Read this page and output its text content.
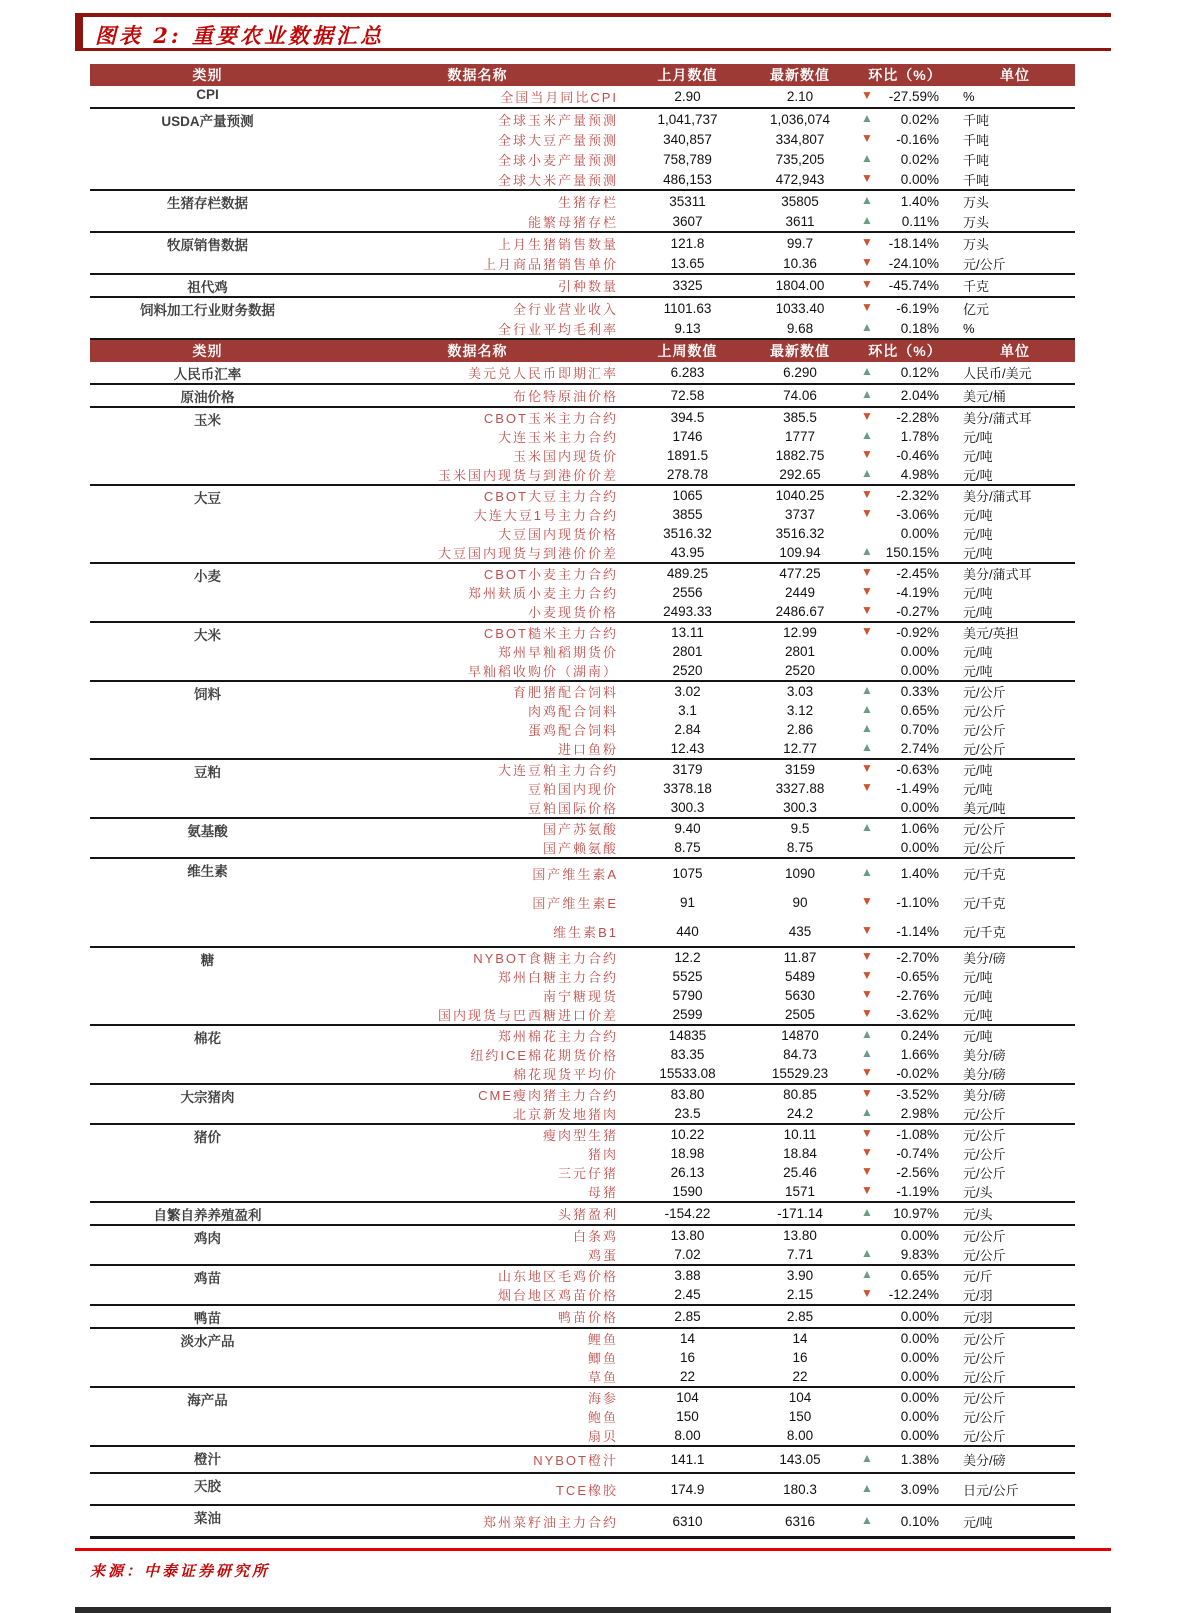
图表 2: 重要农业数据汇总
类别	数据名称	上月数值	最新数值	环比（%）	单位
CPI	全国当月同比CPI	2.90	2.10	▼ -27.59%	%
USDA产量预测	全球玉米产量预测	1,041,737	1,036,074	▲ 0.02%	千吨
	全球大豆产量预测	340,857	334,807	▼ -0.16%	千吨
	全球小麦产量预测	758,789	735,205	▲ 0.02%	千吨
	全球大米产量预测	486,153	472,943	▼ 0.00%	千吨
生猪存栏数据	生猪存栏	35311	35805	▲ 1.40%	万头
	能繁母猪存栏	3607	3611	▲ 0.11%	万头
牧原销售数据	上月生猪销售数量	121.8	99.7	▼ -18.14%	万头
	上月商品猪销售单价	13.65	10.36	▼ -24.10%	元/公斤
祖代鸡	引种数量	3325	1804.00	▼ -45.74%	千克
饲料加工行业财务数据	全行业营业收入	1101.63	1033.40	▼ -6.19%	亿元
	全行业平均毛利率	9.13	9.68	▲ 0.18%	%
类别	数据名称	上周数值	最新数值	环比（%）	单位
人民币汇率	美元兑人民币即期汇率	6.283	6.290	▲ 0.12%	人民币/美元
原油价格	布伦特原油价格	72.58	74.06	▲ 2.04%	美元/桶
玉米	CBOT玉米主力合约	394.5	385.5	▼ -2.28%	美分/蒲式耳
	大连玉米主力合约	1746	1777	▲ 1.78%	元/吨
	玉米国内现货价	1891.5	1882.75	▼ -0.46%	元/吨
	玉米国内现货与到港价价差	278.78	292.65	▲ 4.98%	元/吨
大豆	CBOT大豆主力合约	1065	1040.25	▼ -2.32%	美分/蒲式耳
	大连大豆1号主力合约	3855	3737	▼ -3.06%	元/吨
	大豆国内现货价格	3516.32	3516.32	0.00%	元/吨
	大豆国内现货与到港价价差	43.95	109.94	▲ 150.15%	元/吨
小麦	CBOT小麦主力合约	489.25	477.25	▼ -2.45%	美分/蒲式耳
	郑州麸质小麦主力合约	2556	2449	▼ -4.19%	元/吨
	小麦现货价格	2493.33	2486.67	▼ -0.27%	元/吨
大米	CBOT糙米主力合约	13.11	12.99	▼ -0.92%	美元/英担
	郑州早籼稻期货价	2801	2801	0.00%	元/吨
	早籼稻收购价（湖南）	2520	2520	0.00%	元/吨
饲料	育肥猪配合饲料	3.02	3.03	▲ 0.33%	元/公斤
	肉鸡配合饲料	3.1	3.12	▲ 0.65%	元/公斤
	蛋鸡配合饲料	2.84	2.86	▲ 0.70%	元/公斤
	进口鱼粉	12.43	12.77	▲ 2.74%	元/公斤
豆粕	大连豆粕主力合约	3179	3159	▼ -0.63%	元/吨
	豆粕国内现价	3378.18	3327.88	▼ -1.49%	元/吨
	豆粕国际价格	300.3	300.3	0.00%	美元/吨
氨基酸	国产苏氨酸	9.40	9.5	▲ 1.06%	元/公斤
	国产赖氨酸	8.75	8.75	0.00%	元/公斤
维生素	国产维生素A	1075	1090	▲ 1.40%	元/千克
	国产维生素E	91	90	▼ -1.10%	元/千克
	维生素B1	440	435	▼ -1.14%	元/千克
糖	NYBOT食糖主力合约	12.2	11.87	▼ -2.70%	美分/磅
	郑州白糖主力合约	5525	5489	▼ -0.65%	元/吨
	南宁糖现货	5790	5630	▼ -2.76%	元/吨
	国内现货与巴西糖进口价差	2599	2505	▼ -3.62%	元/吨
棉花	郑州棉花主力合约	14835	14870	▲ 0.24%	元/吨
	纽约ICE棉花期货价格	83.35	84.73	▲ 1.66%	美分/磅
	棉花现货平均价	15533.08	15529.23	▼ -0.02%	美分/磅
大宗猪肉	CME瘦肉猪主力合约	83.80	80.85	▼ -3.52%	美分/磅
	北京新发地猪肉	23.5	24.2	▲ 2.98%	元/公斤
猪价	瘦肉型生猪	10.22	10.11	▼ -1.08%	元/公斤
	猪肉	18.98	18.84	▼ -0.74%	元/公斤
	三元仔猪	26.13	25.46	▼ -2.56%	元/公斤
	母猪	1590	1571	▼ -1.19%	元/头
自繁自养养殖盈利	头猪盈利	-154.22	-171.14	▲ 10.97%	元/头
鸡肉	白条鸡	13.80	13.80	0.00%	元/公斤
	鸡蛋	7.02	7.71	▲ 9.83%	元/公斤
鸡苗	山东地区毛鸡价格	3.88	3.90	▲ 0.65%	元/斤
	烟台地区鸡苗价格	2.45	2.15	▼ -12.24%	元/羽
鸭苗	鸭苗价格	2.85	2.85	0.00%	元/羽
淡水产品	鲤鱼	14	14	0.00%	元/公斤
	鲫鱼	16	16	0.00%	元/公斤
	草鱼	22	22	0.00%	元/公斤
海产品	海参	104	104	0.00%	元/公斤
	鲍鱼	150	150	0.00%	元/公斤
	扇贝	8.00	8.00	0.00%	元/公斤
橙汁	NYBOT橙汁	141.1	143.05	▲ 1.38%	美分/磅
天胶	TCE橡胶	174.9	180.3	▲ 3.09%	日元/公斤
菜油	郑州菜籽油主力合约	6310	6316	▲ 0.10%	元/吨
来源：中泰证券研究所
